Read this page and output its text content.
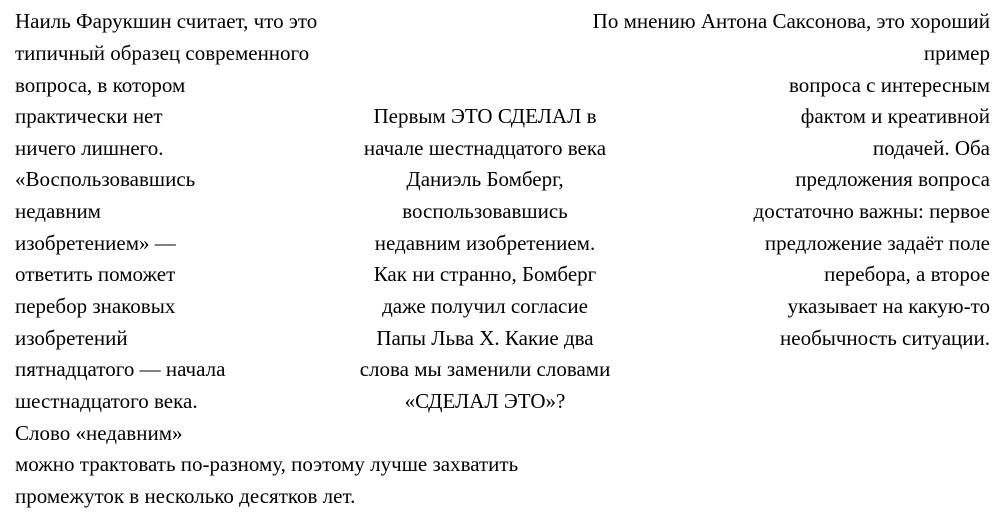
Наиль Фарукшин считает, что это
типичный образец современного
вопроса, в котором
практически нет
ничего лишнего.
«Воспользовавшись
недавним
изобретением» —
ответить поможет
перебор знаковых
изобретений
пятнадцатого — начала
шестнадцатого века.
Слово «недавним»
можно трактовать по-разному, поэтому лучше захватить
промежуток в несколько десятков лет.
Первым ЭТО СДЕЛАЛ в
начале шестнадцатого века
Даниэль Бомберг,
воспользовавшись
недавним изобретением.
Как ни странно, Бомберг
даже получил согласие
Папы Льва X. Какие два
слова мы заменили словами
«СДЕЛАЛ ЭТО»?
По мнению Антона Саксонова, это хороший
пример
вопроса с интересным
фактом и креативной
подачей. Оба
предложения вопроса
достаточно важны: первое
предложение задаёт поле
перебора, а второе
указывает на какую-то
необычность ситуации.
